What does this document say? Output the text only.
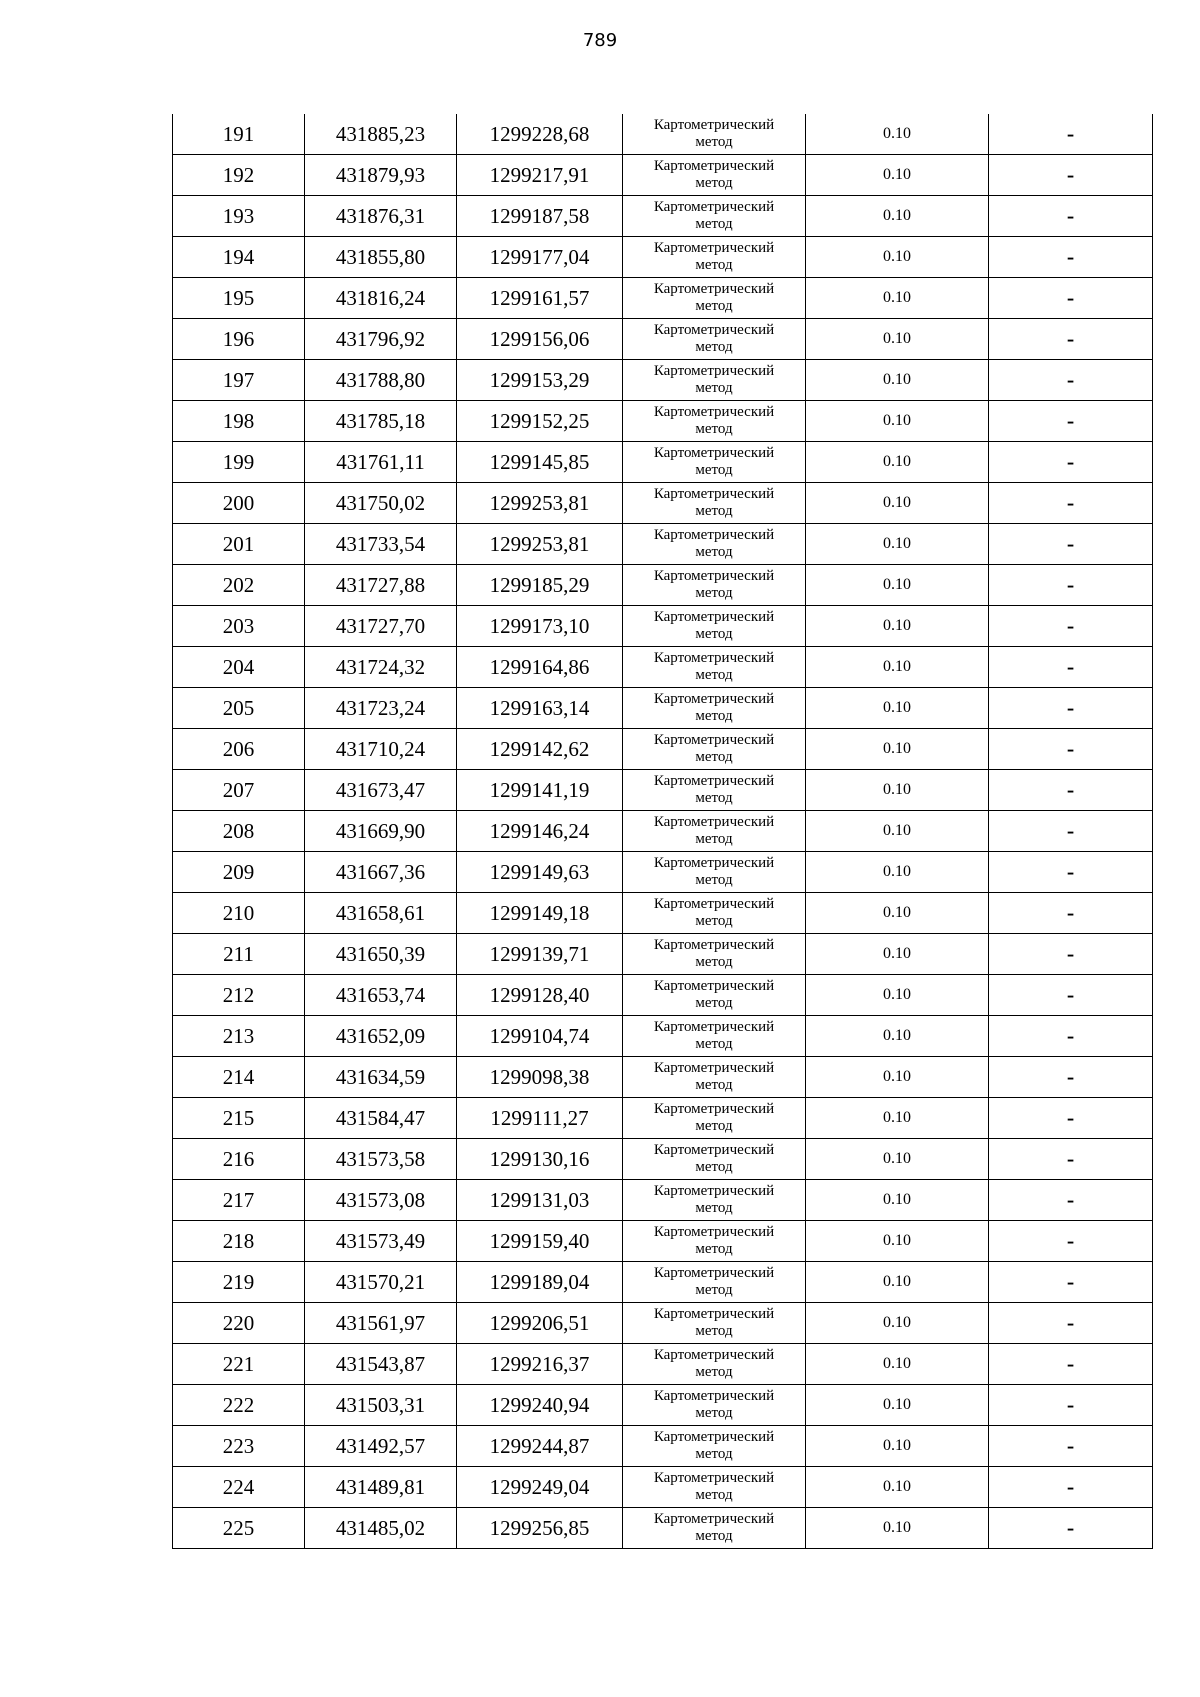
789
191	431885,23	1299228,68	Картометрический
метод	0.10	-
192	431879,93	1299217,91	Картометрический
метод	0.10	-
193	431876,31	1299187,58	Картометрический
метод	0.10	-
194	431855,80	1299177,04	Картометрический
метод	0.10	-
195	431816,24	1299161,57	Картометрический
метод	0.10	-
196	431796,92	1299156,06	Картометрический
метод	0.10	-
197	431788,80	1299153,29	Картометрический
метод	0.10	-
198	431785,18	1299152,25	Картометрический
метод	0.10	-
199	431761,11	1299145,85	Картометрический
метод	0.10	-
200	431750,02	1299253,81	Картометрический
метод	0.10	-
201	431733,54	1299253,81	Картометрический
метод	0.10	-
202	431727,88	1299185,29	Картометрический
метод	0.10	-
203	431727,70	1299173,10	Картометрический
метод	0.10	-
204	431724,32	1299164,86	Картометрический
метод	0.10	-
205	431723,24	1299163,14	Картометрический
метод	0.10	-
206	431710,24	1299142,62	Картометрический
метод	0.10	-
207	431673,47	1299141,19	Картометрический
метод	0.10	-
208	431669,90	1299146,24	Картометрический
метод	0.10	-
209	431667,36	1299149,63	Картометрический
метод	0.10	-
210	431658,61	1299149,18	Картометрический
метод	0.10	-
211	431650,39	1299139,71	Картометрический
метод	0.10	-
212	431653,74	1299128,40	Картометрический
метод	0.10	-
213	431652,09	1299104,74	Картометрический
метод	0.10	-
214	431634,59	1299098,38	Картометрический
метод	0.10	-
215	431584,47	1299111,27	Картометрический
метод	0.10	-
216	431573,58	1299130,16	Картометрический
метод	0.10	-
217	431573,08	1299131,03	Картометрический
метод	0.10	-
218	431573,49	1299159,40	Картометрический
метод	0.10	-
219	431570,21	1299189,04	Картометрический
метод	0.10	-
220	431561,97	1299206,51	Картометрический
метод	0.10	-
221	431543,87	1299216,37	Картометрический
метод	0.10	-
222	431503,31	1299240,94	Картометрический
метод	0.10	-
223	431492,57	1299244,87	Картометрический
метод	0.10	-
224	431489,81	1299249,04	Картометрический
метод	0.10	-
225	431485,02	1299256,85	Картометрический
метод	0.10	-
